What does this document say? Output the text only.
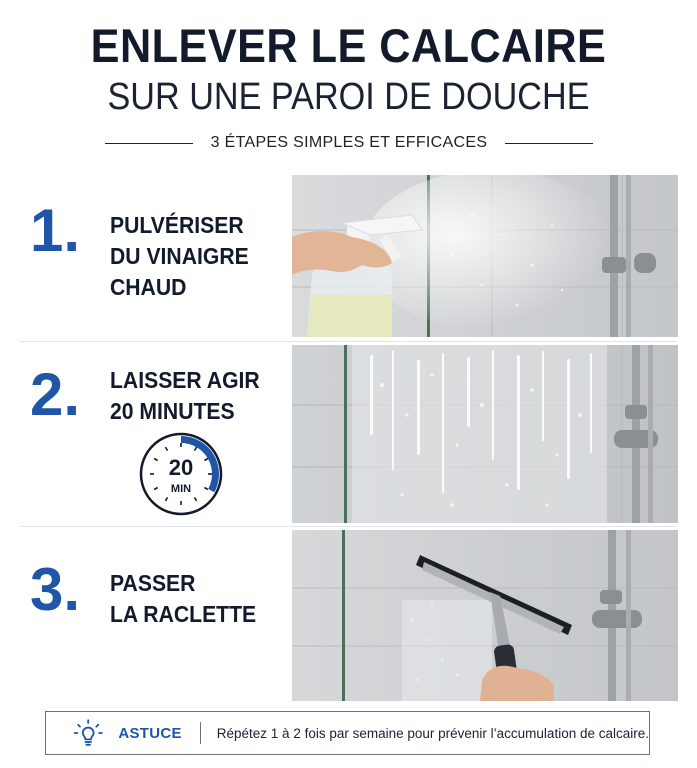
ENLEVER LE CALCAIRE
SUR UNE PAROI DE DOUCHE
3 ÉTAPES SIMPLES ET EFFICACES
1. PULVÉRISER
DU VINAIGRE
CHAUD
2. LAISSER AGIR
20 MINUTES
20
MIN
3. PASSER
LA RACLETTE
ASTUCE	Répétez 1 à 2 fois par semaine pour prévenir l’accumulation de calcaire.
